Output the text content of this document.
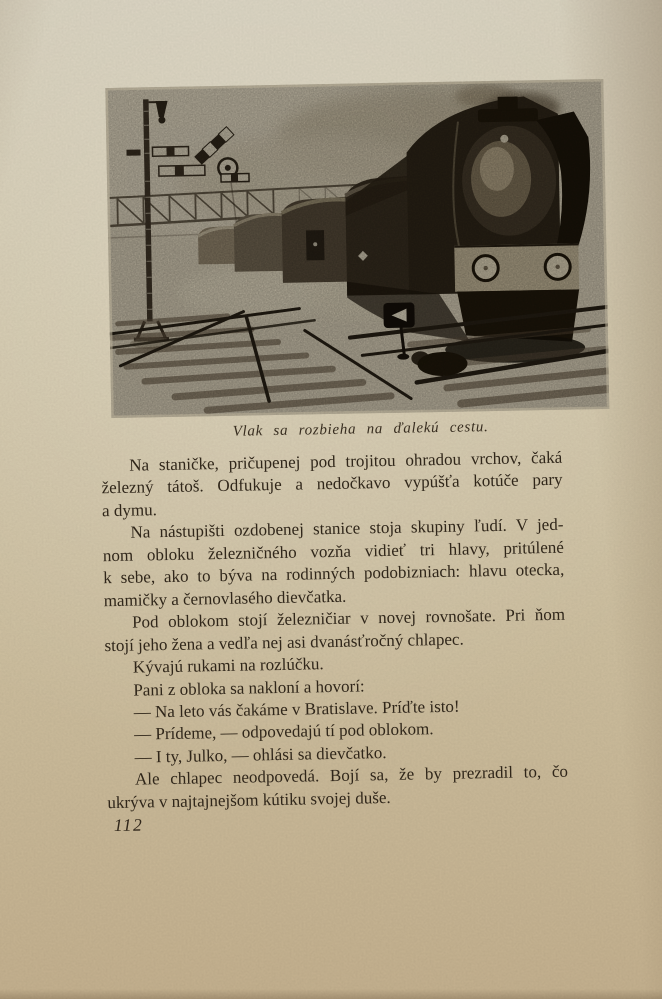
Vlak sa rozbieha na ďalekú cestu.

Na staničke, pričupenej pod trojitou ohradou vrchov, čaká
železný tátoš. Odfukuje a nedočkavo vypúšťa kotúče pary
a dymu.

Na nástupišti ozdobenej stanice stoja skupiny ľudí. V jed-
nom obloku železničného vozňa vidieť tri hlavy, pritúlené
k sebe, ako to býva na rodinných podobizniach: hlavu otecka,
mamičky a černovlasého dievčatka.

Pod oblokom stojí železničiar v novej rovnošate. Pri ňom
stojí jeho žena a vedľa nej asi dvanásťročný chlapec.

Kývajú rukami na rozlúčku.

Pani z obloka sa nakloní a hovorí:

— Na leto vás čakáme v Bratislave. Príďte isto!

— Prídeme, — odpovedajú tí pod oblokom.

— I ty, Julko, — ohlási sa dievčatko.

Ale chlapec neodpovedá. Bojí sa, že by prezradil to, čo
ukrýva v najtajnejšom kútiku svojej duše.

112
